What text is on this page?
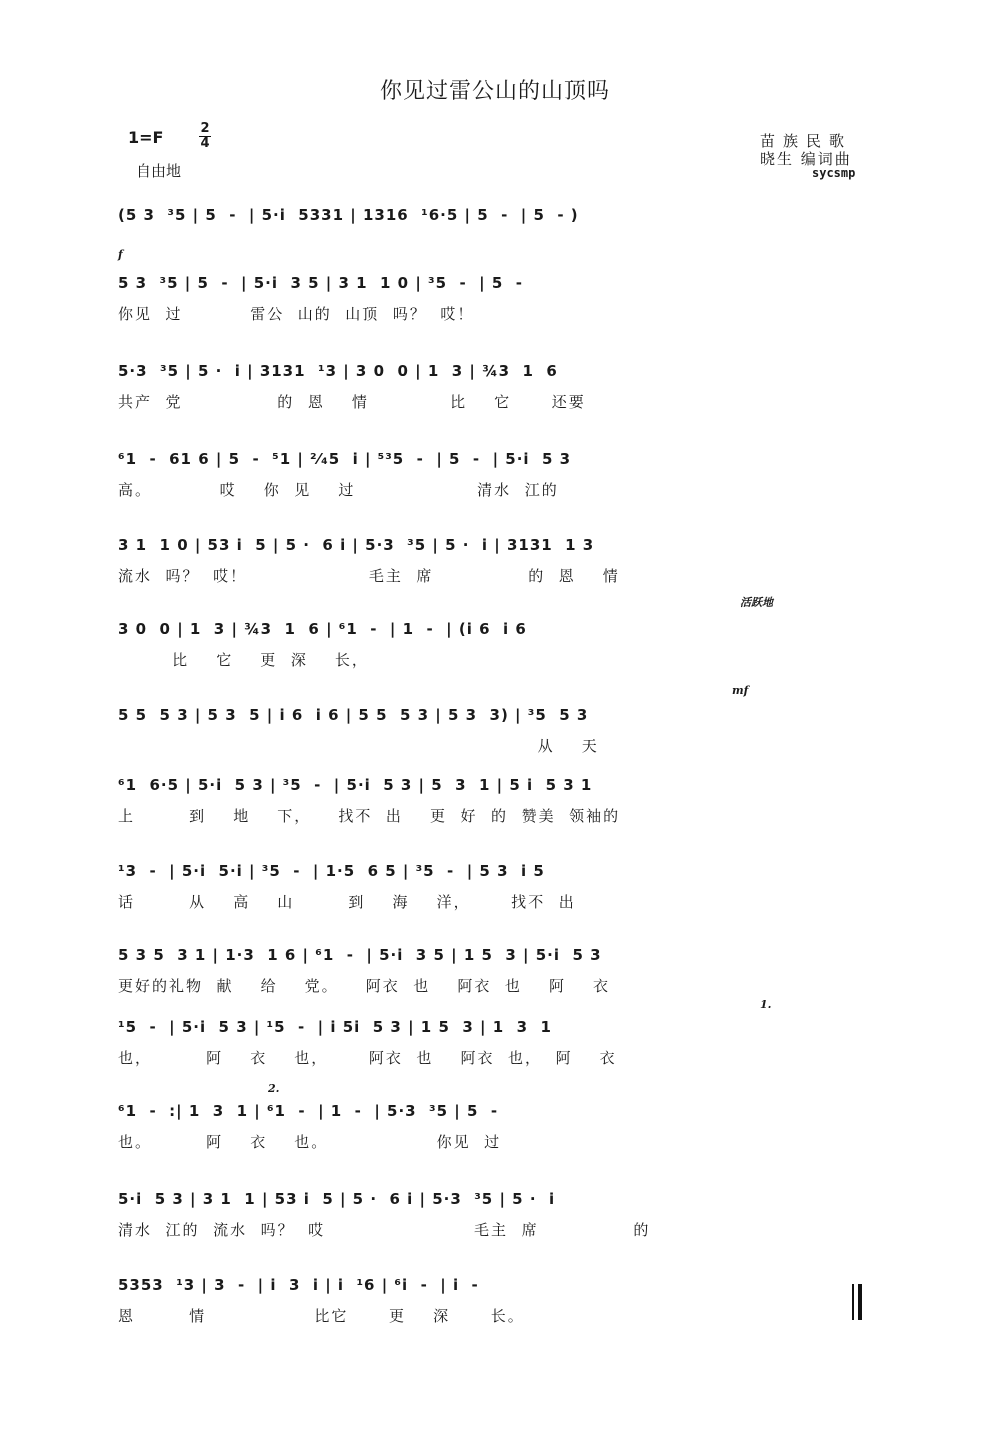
你见过雷公山的山顶吗
1=F	2
4
自由地
苗族民歌
晓生 编词曲
sycsmp
(5 3  ³5 | 5  -  | 5·i  5331 | 1316  ¹6·5 | 5  -  | 5  - )
f
5 3  ³5 | 5  -  | 5·i  3 5 | 3 1  1 0 | ³5  -  | 5  -
你见  过          雷公  山的  山顶  吗？  哎！
5·3  ³5 | 5 ·  i | 3131  ¹3 | 3 0  0 | 1  3 | ¾3  1  6
共产  党              的  恩    情            比    它      还要
⁶1  -  61 6 | 5  -  ⁵1 | ²⁄₄5  i | ⁵³5  -  | 5  -  | 5·i  5 3
高。          哎    你  见    过                  清水  江的
3 1  1 0 | 53 i  5 | 5 ·  6 i | 5·3  ³5 | 5 ·  i | 3131  1 3
流水  吗？  哎！                  毛主  席              的  恩    情
3 0  0 | 1  3 | ¾3  1  6 | ⁶1  -  | 1  -  | (i 6  i 6
比    它    更  深    长，
活跃地
5 5  5 3 | 5 3  5 | i 6  i 6 | 5 5  5 3 | 5 3  3) | ³5  5 3
从    天
mf
⁶1  6·5 | 5·i  5 3 | ³5  -  | 5·i  5 3 | 5  3  1 | 5 i  5 3 1
上        到    地    下，    找不  出    更  好  的  赞美  领袖的
¹3  -  | 5·i  5·i | ³5  -  | 1·5  6 5 | ³5  -  | 5 3  i 5
话        从    高    山        到    海    洋，      找不  出
5 3 5  3 1 | 1·3  1 6 | ⁶1  -  | 5·i  3 5 | 1 5  3 | 5·i  5 3
更好的礼物  献    给    党。    阿衣  也    阿衣  也    阿    衣
¹5  -  | 5·i  5 3 | ¹5  -  | i 5i  5 3 | 1 5  3 | 1  3  1
也，        阿    衣    也，      阿衣  也    阿衣  也，  阿    衣
1.
⁶1  -  :| 1  3  1 | ⁶1  -  | 1  -  | 5·3  ³5 | 5  -
也。        阿    衣    也。                你见  过
2.
5·i  5 3 | 3 1  1 | 53 i  5 | 5 ·  6 i | 5·3  ³5 | 5 ·  i
清水  江的  流水  吗？  哎                      毛主  席              的
5353  ¹3 | 3  -  | i  3  i | i  ¹6 | ⁶i  -  | i  -
恩        情                比它      更    深      长。
